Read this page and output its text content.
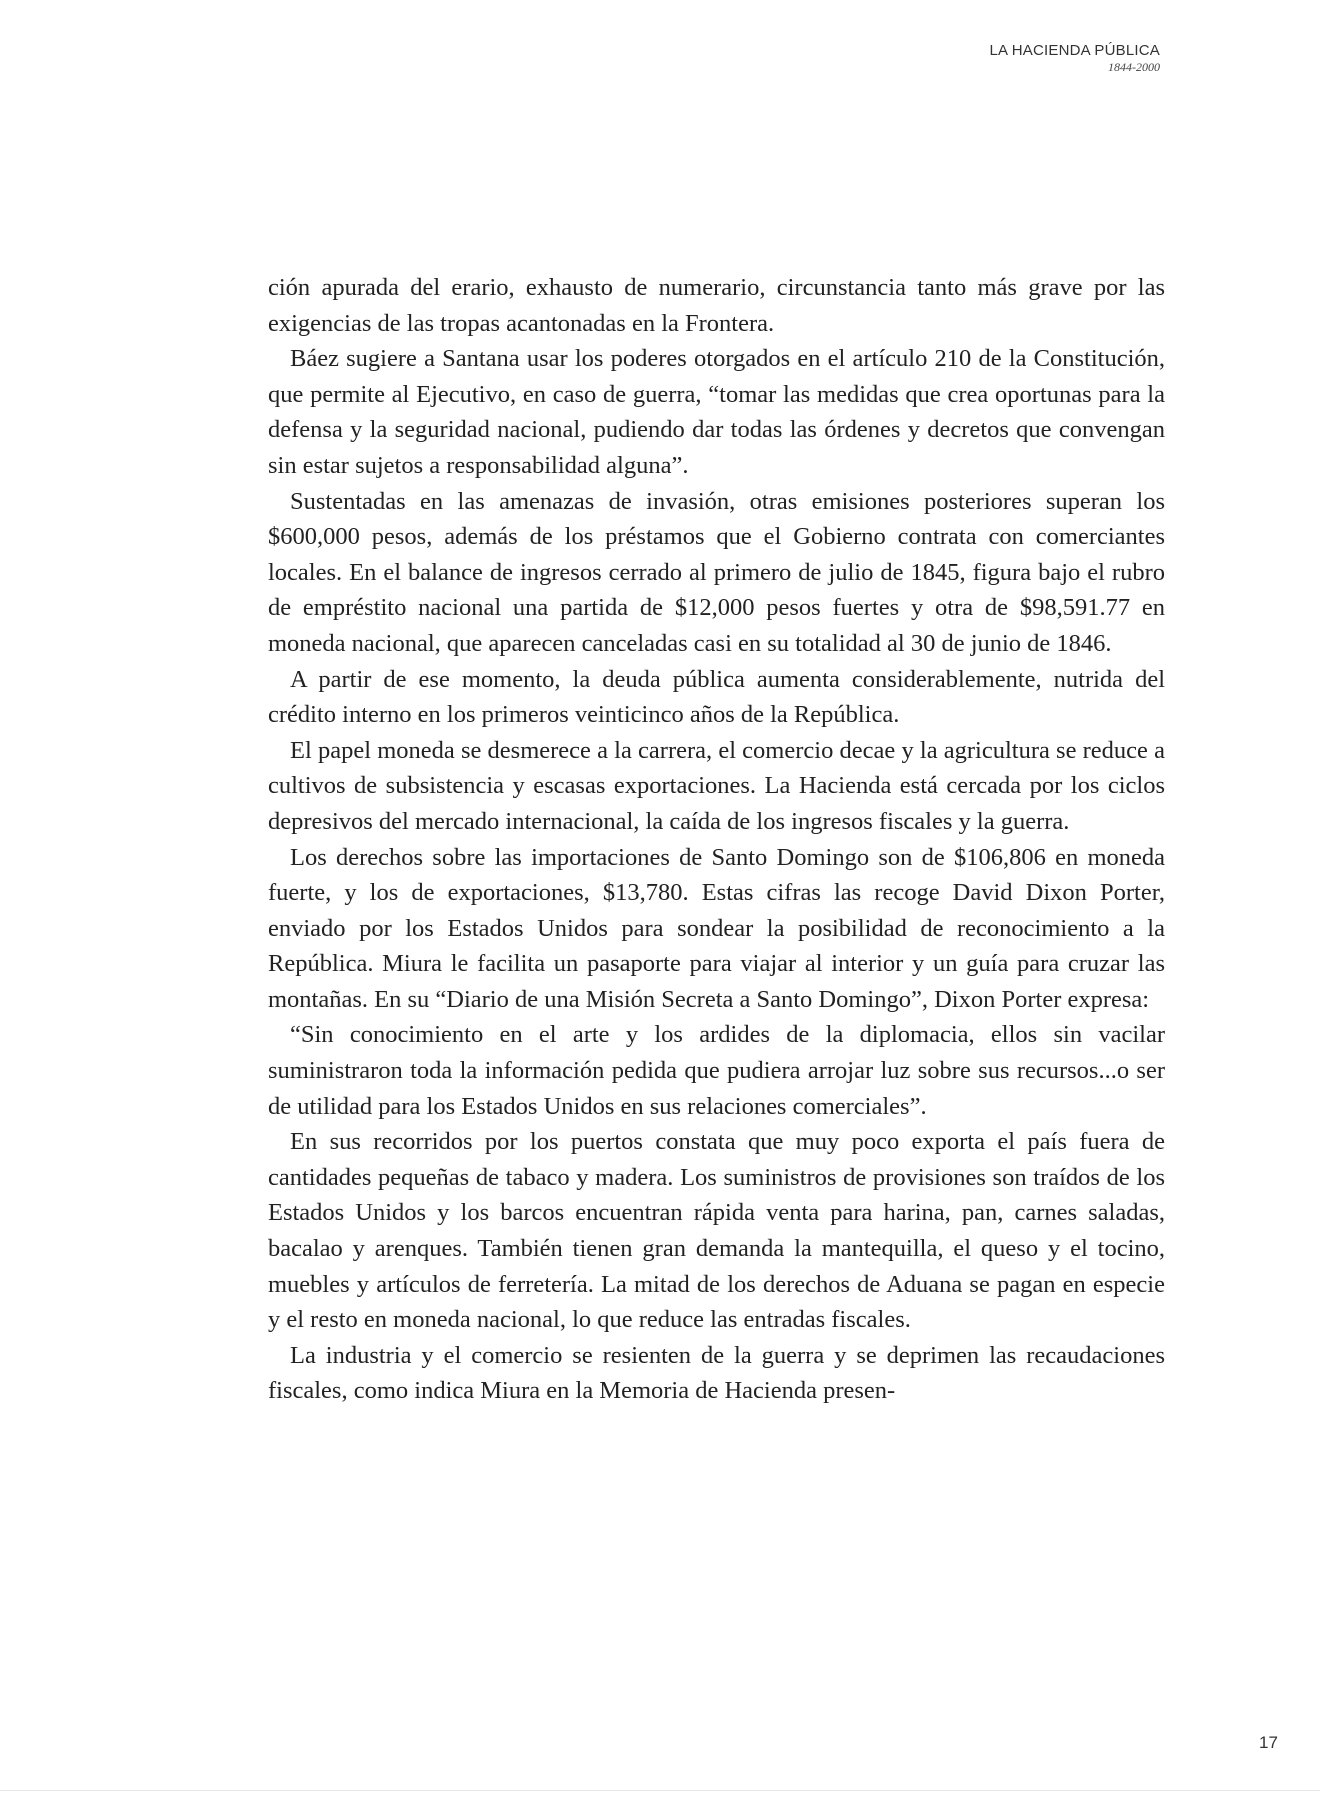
LA HACIENDA PÚBLICA
1844-2000

ción apurada del erario, exhausto de numerario, circunstancia tanto más grave por las exigencias de las tropas acantonadas en la Frontera.

Báez sugiere a Santana usar los poderes otorgados en el artículo 210 de la Constitución, que permite al Ejecutivo, en caso de guerra, “tomar las medidas que crea oportunas para la defensa y la seguridad nacional, pudiendo dar todas las órdenes y decretos que convengan sin estar sujetos a responsabilidad alguna”.

Sustentadas en las amenazas de invasión, otras emisiones posteriores superan los $600,000 pesos, además de los préstamos que el Gobierno contrata con comerciantes locales. En el balance de ingresos cerrado al primero de julio de 1845, figura bajo el rubro de empréstito nacional una partida de $12,000 pesos fuertes y otra de $98,591.77 en moneda nacional, que aparecen canceladas casi en su totalidad al 30 de junio de 1846.

A partir de ese momento, la deuda pública aumenta considerablemente, nutrida del crédito interno en los primeros veinticinco años de la República.

El papel moneda se desmerece a la carrera, el comercio decae y la agricultura se reduce a cultivos de subsistencia y escasas exportaciones. La Hacienda está cercada por los ciclos depresivos del mercado internacional, la caída de los ingresos fiscales y la guerra.

Los derechos sobre las importaciones de Santo Domingo son de $106,806 en moneda fuerte, y los de exportaciones, $13,780. Estas cifras las recoge David Dixon Porter, enviado por los Estados Unidos para sondear la posibilidad de reconocimiento a la República. Miura le facilita un pasaporte para viajar al interior y un guía para cruzar las montañas. En su “Diario de una Misión Secreta a Santo Domingo”, Dixon Porter expresa:

“Sin conocimiento en el arte y los ardides de la diplomacia, ellos sin vacilar suministraron toda la información pedida que pudiera arrojar luz sobre sus recursos...o ser de utilidad para los Estados Unidos en sus relaciones comerciales”.

En sus recorridos por los puertos constata que muy poco exporta el país fuera de cantidades pequeñas de tabaco y madera. Los suministros de provisiones son traídos de los Estados Unidos y los barcos encuentran rápida venta para harina, pan, carnes saladas, bacalao y arenques. También tienen gran demanda la mantequilla, el queso y el tocino, muebles y artículos de ferretería. La mitad de los derechos de Aduana se pagan en especie y el resto en moneda nacional, lo que reduce las entradas fiscales.

La industria y el comercio se resienten de la guerra y se deprimen las recaudaciones fiscales, como indica Miura en la Memoria de Hacienda presen-

17
